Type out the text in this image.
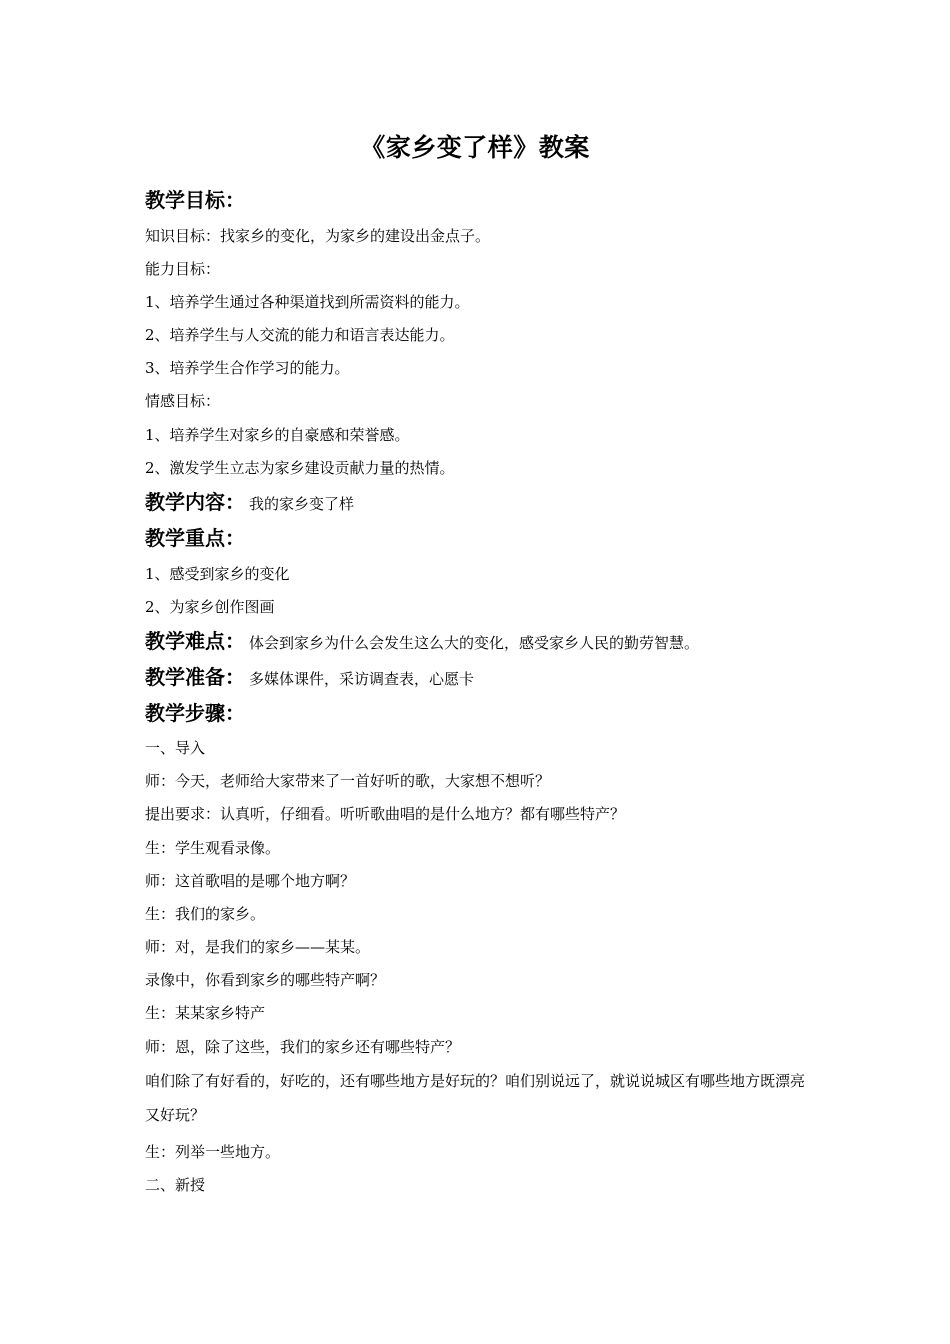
《家乡变了样》教案
教学目标：
知识目标：找家乡的变化，为家乡的建设出金点子。
能力目标：
1、培养学生通过各种渠道找到所需资料的能力。
2、培养学生与人交流的能力和语言表达能力。
3、培养学生合作学习的能力。
情感目标：
1、培养学生对家乡的自豪感和荣誉感。
2、激发学生立志为家乡建设贡献力量的热情。
教学内容： 我的家乡变了样
教学重点：
1、感受到家乡的变化
2、为家乡创作图画
教学难点： 体会到家乡为什么会发生这么大的变化，感受家乡人民的勤劳智慧。
教学准备： 多媒体课件，采访调查表，心愿卡
教学步骤：
一、导入
师：今天，老师给大家带来了一首好听的歌，大家想不想听？
提出要求：认真听，仔细看。听听歌曲唱的是什么地方？都有哪些特产？
生：学生观看录像。
师：这首歌唱的是哪个地方啊？
生：我们的家乡。
师：对，是我们的家乡——某某。
录像中，你看到家乡的哪些特产啊？
生：某某家乡特产
师：恩，除了这些，我们的家乡还有哪些特产？
咱们除了有好看的，好吃的，还有哪些地方是好玩的？咱们别说远了，就说说城区有哪些地方既漂亮又好玩？
生：列举一些地方。
二、新授
